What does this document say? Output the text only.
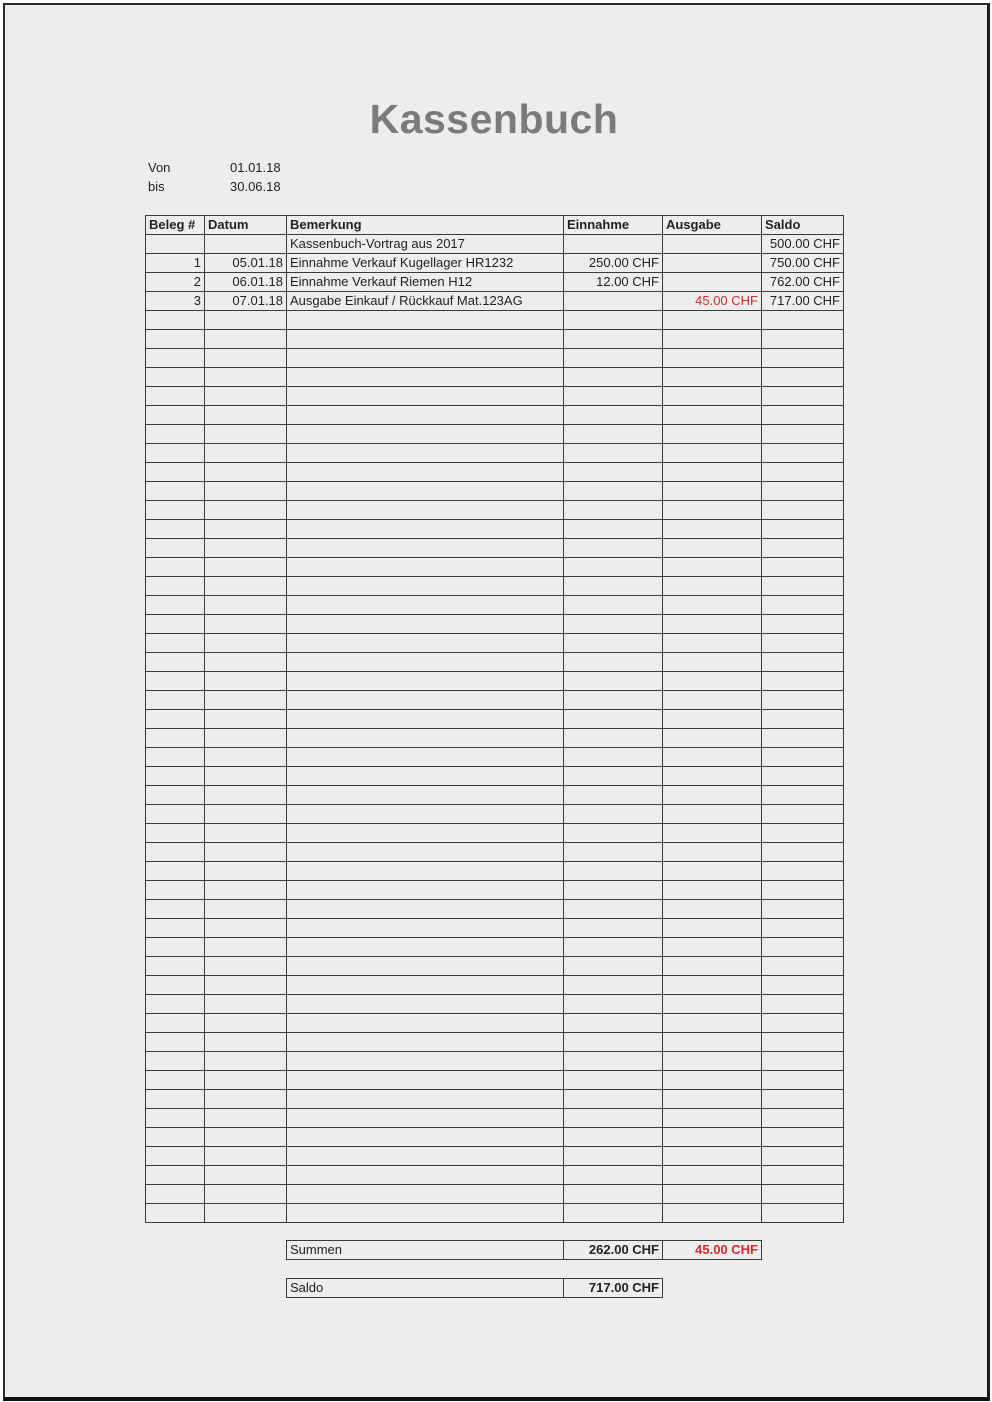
Kassenbuch
Von	01.01.18
bis	30.06.18
Beleg #	Datum	Bemerkung	Einnahme	Ausgabe	Saldo
		Kassenbuch-Vortrag aus 2017			500.00 CHF
1	05.01.18	Einnahme Verkauf Kugellager HR1232	250.00 CHF		750.00 CHF
2	06.01.18	Einnahme Verkauf Riemen H12	12.00 CHF		762.00 CHF
3	07.01.18	Ausgabe Einkauf / Rückkauf Mat.123AG		45.00 CHF	717.00 CHF

Summen	262.00 CHF	45.00 CHF
Saldo	717.00 CHF
